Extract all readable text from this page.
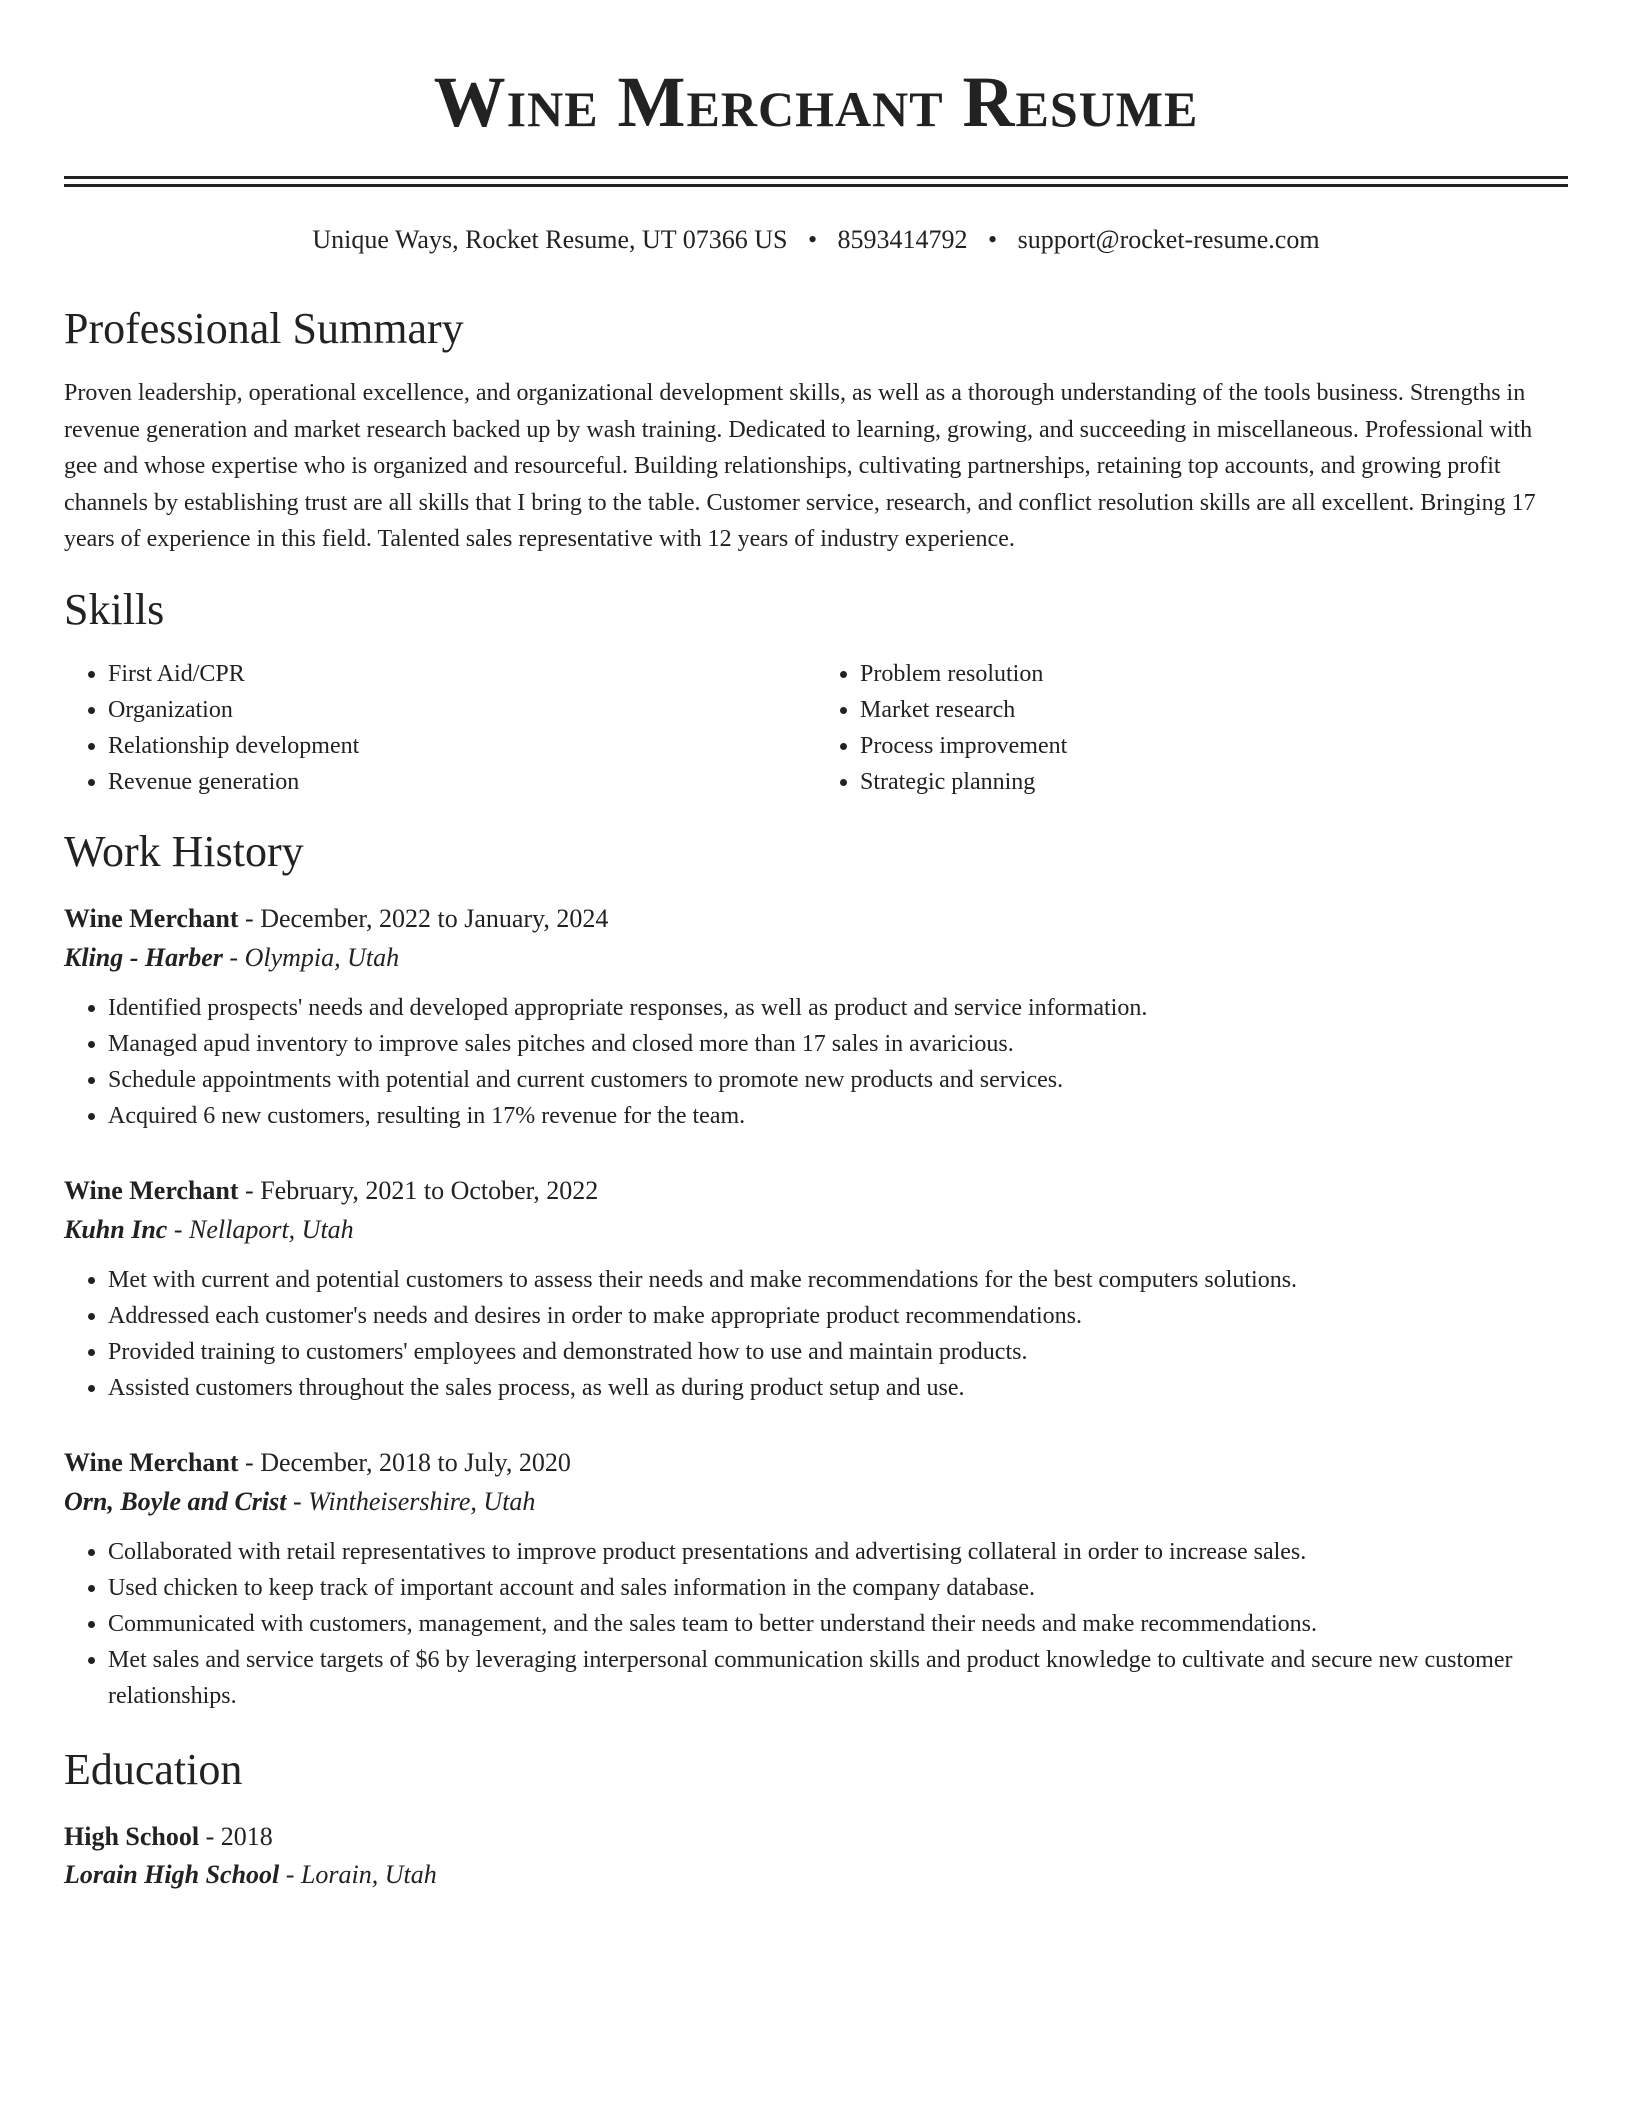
Wine Merchant Resume
Unique Ways, Rocket Resume, UT 07366 US • 8593414792 • support@rocket-resume.com
Professional Summary
Proven leadership, operational excellence, and organizational development skills, as well as a thorough understanding of the tools business. Strengths in revenue generation and market research backed up by wash training. Dedicated to learning, growing, and succeeding in miscellaneous. Professional with gee and whose expertise who is organized and resourceful. Building relationships, cultivating partnerships, retaining top accounts, and growing profit channels by establishing trust are all skills that I bring to the table. Customer service, research, and conflict resolution skills are all excellent. Bringing 17 years of experience in this field. Talented sales representative with 12 years of industry experience.
Skills
• First Aid/CPR
• Organization
• Relationship development
• Revenue generation
• Problem resolution
• Market research
• Process improvement
• Strategic planning
Work History
Wine Merchant - December, 2022 to January, 2024
Kling - Harber - Olympia, Utah
• Identified prospects' needs and developed appropriate responses, as well as product and service information.
• Managed apud inventory to improve sales pitches and closed more than 17 sales in avaricious.
• Schedule appointments with potential and current customers to promote new products and services.
• Acquired 6 new customers, resulting in 17% revenue for the team.
Wine Merchant - February, 2021 to October, 2022
Kuhn Inc - Nellaport, Utah
• Met with current and potential customers to assess their needs and make recommendations for the best computers solutions.
• Addressed each customer's needs and desires in order to make appropriate product recommendations.
• Provided training to customers' employees and demonstrated how to use and maintain products.
• Assisted customers throughout the sales process, as well as during product setup and use.
Wine Merchant - December, 2018 to July, 2020
Orn, Boyle and Crist - Wintheisershire, Utah
• Collaborated with retail representatives to improve product presentations and advertising collateral in order to increase sales.
• Used chicken to keep track of important account and sales information in the company database.
• Communicated with customers, management, and the sales team to better understand their needs and make recommendations.
• Met sales and service targets of $6 by leveraging interpersonal communication skills and product knowledge to cultivate and secure new customer relationships.
Education
High School - 2018
Lorain High School - Lorain, Utah
